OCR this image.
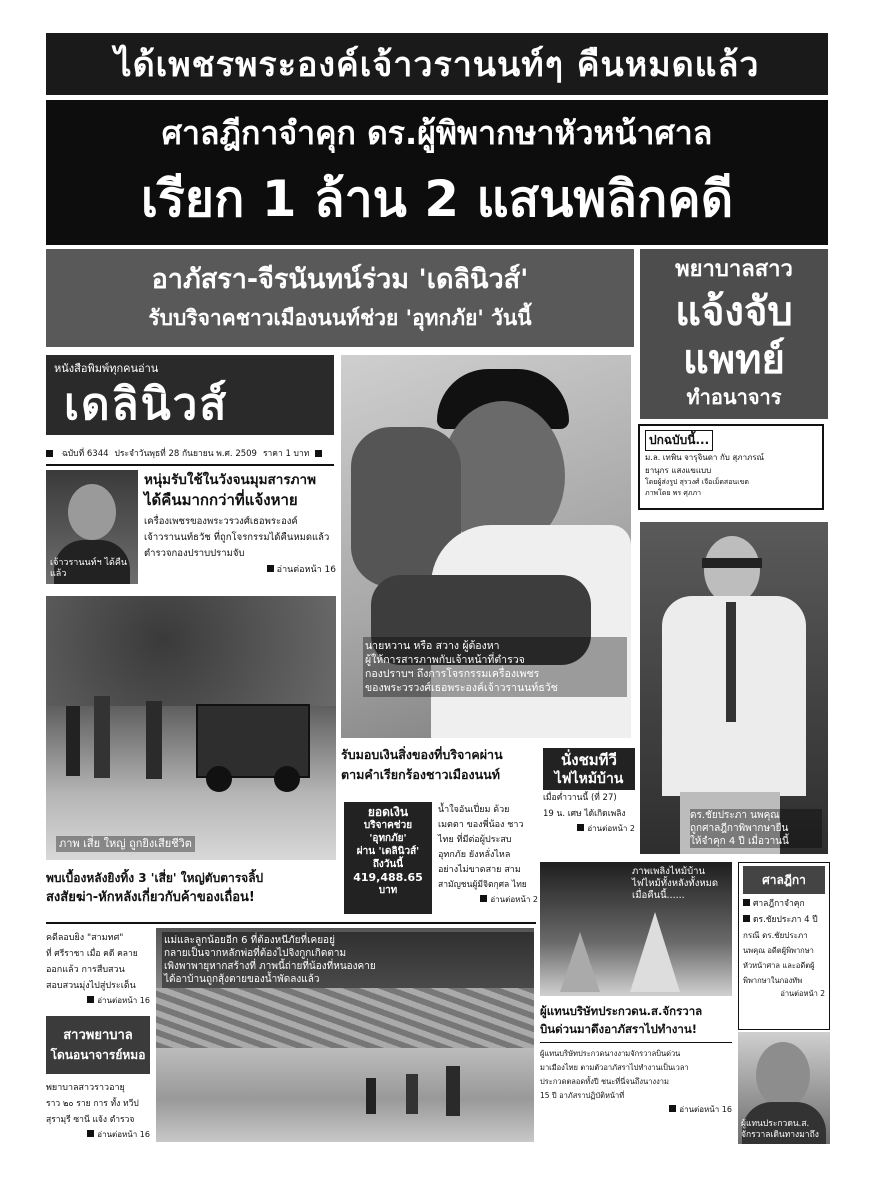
ได้เพชรพระองค์เจ้าวรานนท์ๆ คืนหมดแล้ว
ศาลฎีกาจำคุก ดร.ผู้พิพากษาหัวหน้าศาล
เรียก 1 ล้าน 2 แสนพลิกคดี
อาภัสรา-จีรนันทน์ร่วม 'เดลินิวส์'
รับบริจาคชาวเมืองนนท์ช่วย 'อุทกภัย' วันนี้
พยาบาลสาว
แจ้งจับ
แพทย์
ทำอนาจาร
หนังสือพิมพ์ทุกคนอ่าน
เดลินิวส์
ฉบับที่ 6344 ประจำวันพุธที่ 28 กันยายน พ.ศ. 2509 ราคา 1 บาท
เจ้าวรานนท์ฯ ได้คืนแล้ว
หนุ่มรับใช้ในวังจนมุมสารภาพ
ได้คืนมากกว่าที่แจ้งหาย
เครื่องเพชรของพระวรวงศ์เธอพระองค์
เจ้าวรานนท์ธวัช ที่ถูกโจรกรรมได้คืนหมดแล้ว
ตำรวจกองปราบปรามจับ
อ่านต่อหน้า 16
ภาพ เสี่ย ใหญ่ ถูกยิงเสียชีวิต
นายหวาน หรือ สวาง ผู้ต้องหา
ผู้ให้การสารภาพกับเจ้าหน้าที่ตำรวจ
กองปราบฯ ถึงการโจรกรรมเครื่องเพชร
ของพระวรวงศ์เธอพระองค์เจ้าวรานนท์ธวัช
ปกฉบับนี้...
ม.ล. เทพิน จารุจินดา กับ สุภาภรณ์
ยานุกร แสงแขแบบ
โดยผู้ส่งรูป สุรวงศ์ เจือเม็ดสอนเขต
ภาพโดย พร ศุภภา
ดร.ชัยประภา นพคุณ
ถูกศาลฎีกาพิพากษายืน
ให้จำคุก 4 ปี เมื่อวานนี้
รับมอบเงินสิ่งของที่บริจาคผ่าน
ตามคำเรียกร้องชาวเมืองนนท์
ยอดเงิน
บริจาคช่วย
'อุทกภัย'
ผ่าน 'เดลินิวส์'
ถึงวันนี้
419,488.65
บาท
น้ำใจอันเปี่ยม ด้วย
เมตตา ของพี่น้อง ชาว
ไทย ที่มีต่อผู้ประสบ
อุทกภัย ยังหลั่งไหล
อย่างไม่ขาดสาย สาม
สามัญชนผู้มีจิตกุศล ไทย
อ่านต่อหน้า 2
นั่งชมทีวี
ไฟไหม้บ้าน
เมื่อค่ำวานนี้ (ที่ 27)
19 น. เศษ ได้เกิดเพลิง
อ่านต่อหน้า 2
พบเบื้องหลังยิงทิ้ง 3 'เสี่ย' ใหญ่ตับตารจลิ้ป
สงสัยฆ่า-หักหลังเกี่ยวกับค้าของเถื่อน!
คดีลอบยิง "สามทศ"
ที่ ศรีราชา เมื่อ คดี คลาย
ออกแล้ว การสืบสวน
สอบสวนมุ่งไปสู่ประเด็น
อ่านต่อหน้า 16
สาวพยาบาล
โดนอนาจารย์หมอ
พยาบาลสาวราวอายุ
ราว ๒๐ ราย การ ทั้ง ทวีป
สุรามุรี ซานี แจ้ง ตำรวจ
อ่านต่อหน้า 16
แม่และลูกน้อยอีก 6 ที่ต้องหนีภัยที่เคยอยู่
กลายเป็นจากหลักพ่อที่ต้องไปจิงกูกเกิดตาม
เพิงพาพายุหากสร้างที่ ภาพนี้ถ่ายที่น้องที่หนองคาย
ได้อาบ้านถูกสุ้งตายของน้ำพัดลงแล้ว
ภาพเพลิงไหม้บ้าน
ไฟไหม้ทั้งหลังทั้งหมด
เมื่อคืนนี้......
ศาลฎีกา
ศาลฎีกาจำคุก
ดร.ชัยประภา 4 ปี
กรณี ดร.ชัยประภา
นพคุณ อดีตผู้พิพากษา
หัวหน้าศาล และอดีตผู้
พิพากษาในกองทัพ
อ่านต่อหน้า 2
ผู้แทนบริษัทประกวดน.ส.จักรวาล
บินด่วนมาดึงอาภัสราไปทำงาน!
ผู้แทนบริษัทประกวดนางงามจักรวาลบินด่วน
มาเมืองไทย ตามตัวอาภัสราไปทำงานเป็นเวลา
ประกวดตลอดทั้งปี ชนะที่นี่จนถึงนางงาม
15 ปี อาภัสราปฏิบัติหน้าที่
อ่านต่อหน้า 16
ผู้แทนประกวดน.ส.
จักรวาลเดินทางมาถึง
